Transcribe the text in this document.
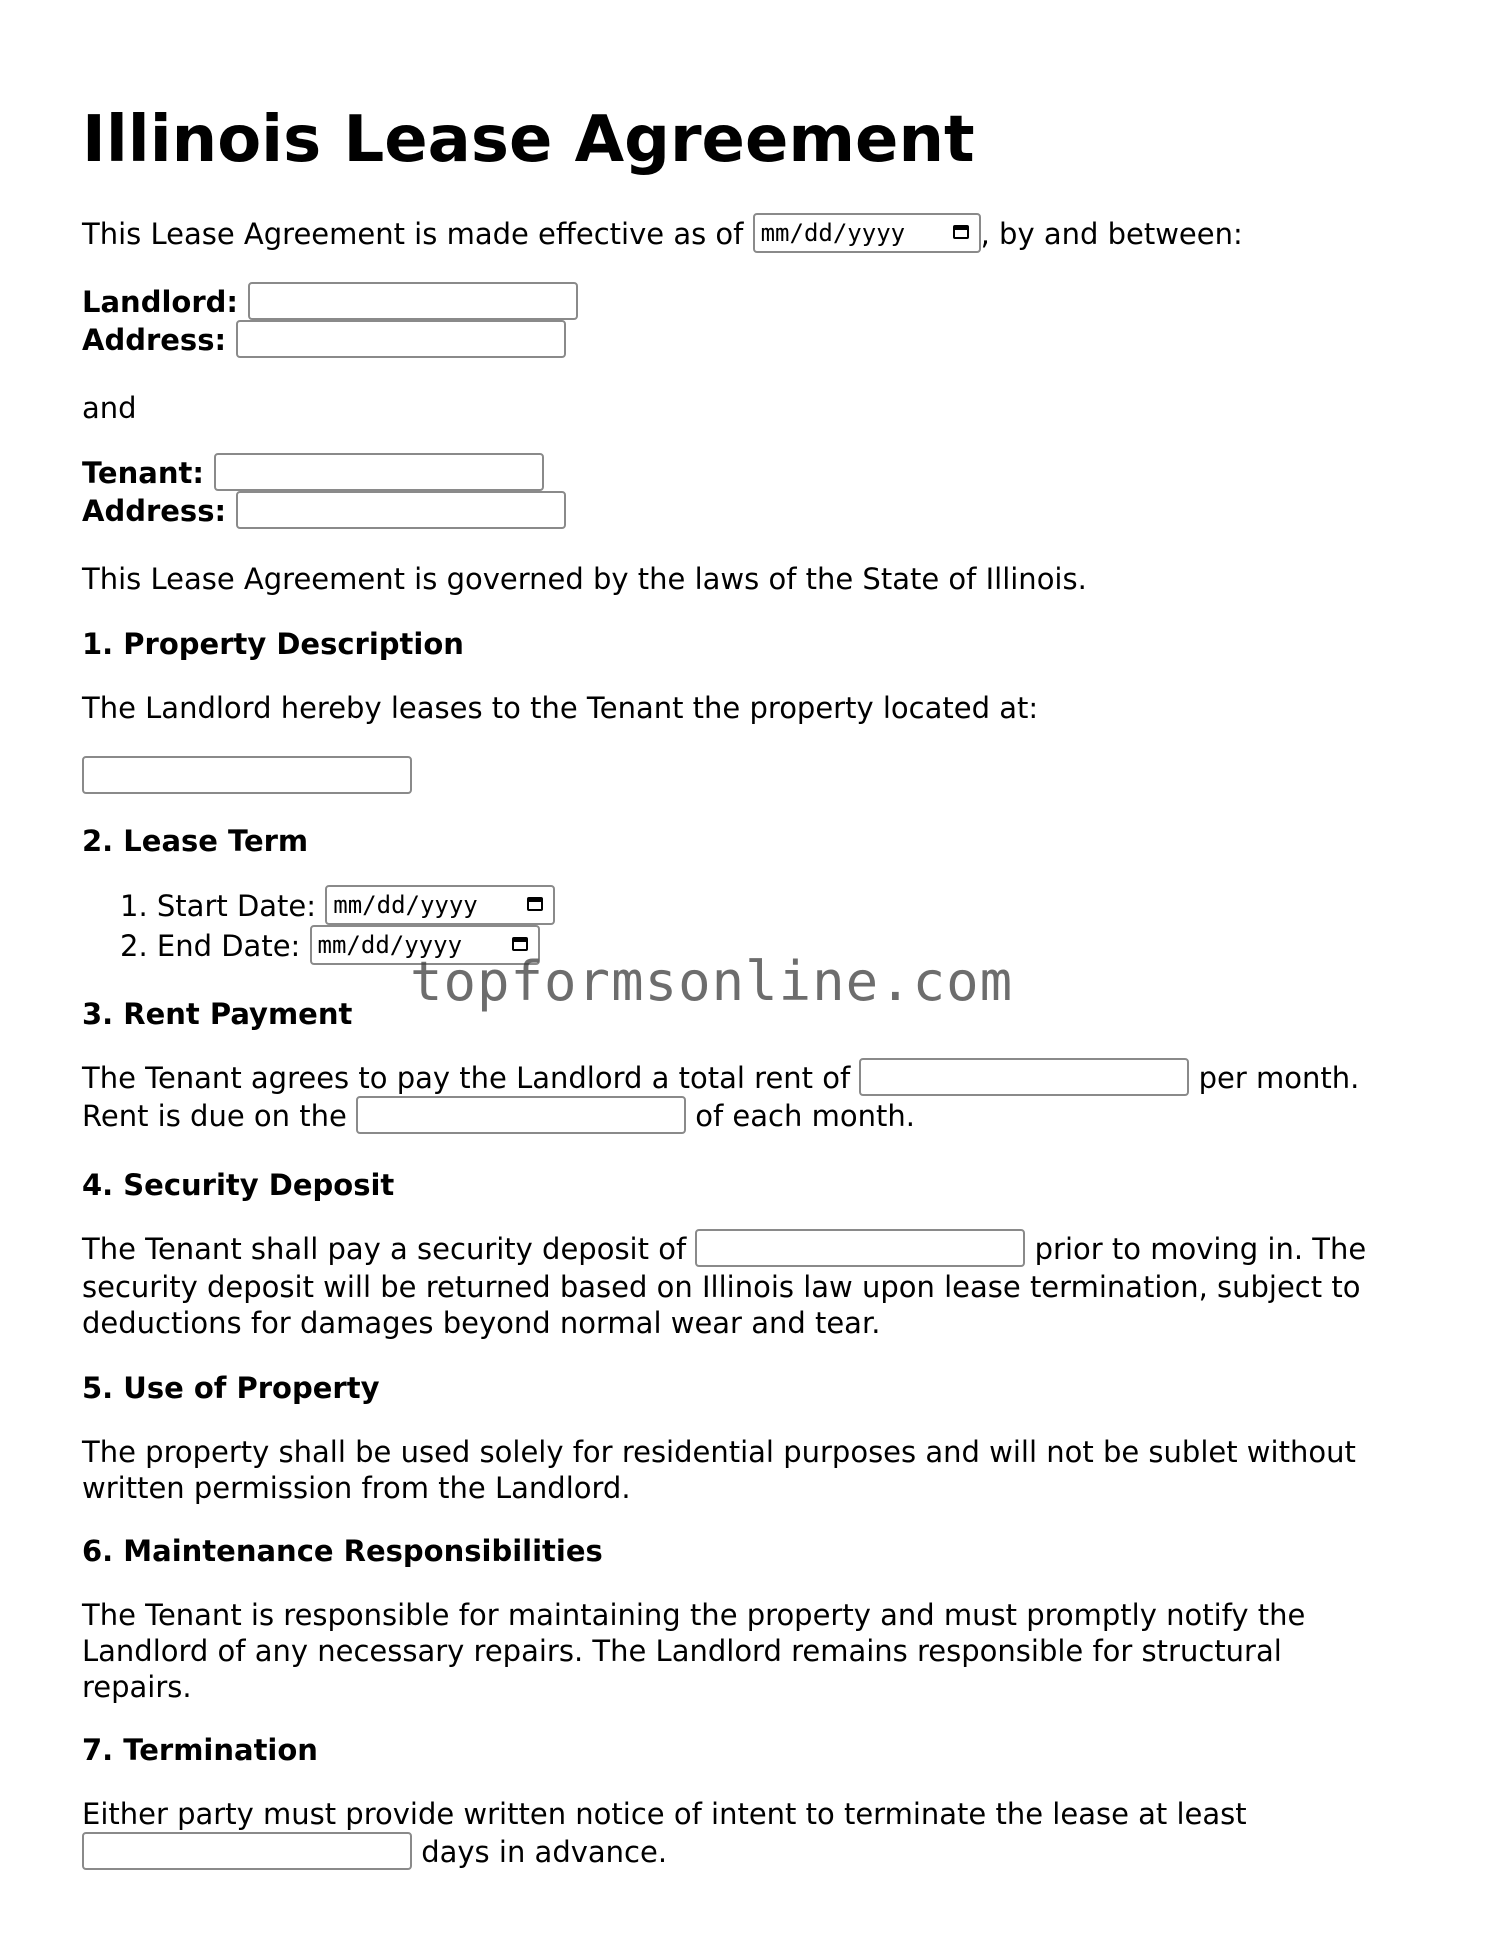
Illinois Lease Agreement
This Lease Agreement is made effective as of mm/dd/yyyy	, by and between:
Landlord:
Address:
and
Tenant:
Address:
This Lease Agreement is governed by the laws of the State of Illinois.
1. Property Description
The Landlord hereby leases to the Tenant the property located at:
2. Lease Term
1. Start Date: mm/dd/yyyy
2. End Date: mm/dd/yyyy
3. Rent Payment
The Tenant agrees to pay the Landlord a total rent of	per month.
Rent is due on the	of each month.
4. Security Deposit
The Tenant shall pay a security deposit of	prior to moving in. The
security deposit will be returned based on Illinois law upon lease termination, subject to deductions for damages beyond normal wear and tear.
5. Use of Property
The property shall be used solely for residential purposes and will not be sublet without written permission from the Landlord.
6. Maintenance Responsibilities
The Tenant is responsible for maintaining the property and must promptly notify the Landlord of any necessary repairs. The Landlord remains responsible for structural repairs.
7. Termination
Either party must provide written notice of intent to terminate the lease at least
days in advance.
topformsonline.com
